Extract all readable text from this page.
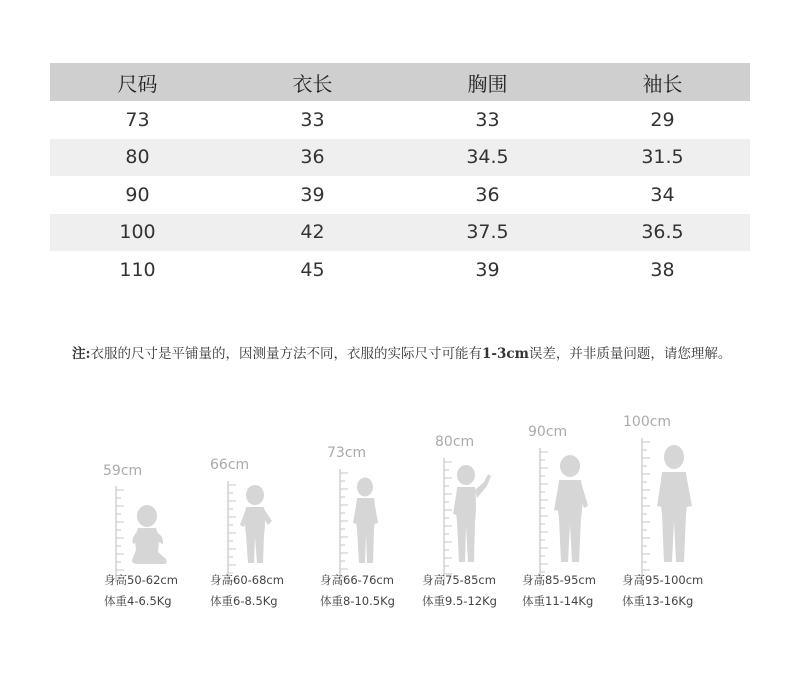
尺码	衣长	胸围	袖长
73	33	33	29
80	36	34.5	31.5
90	39	36	34
100	42	37.5	36.5
110	45	39	38
注:衣服的尺寸是平铺量的，因测量方法不同，衣服的实际尺寸可能有1-3cm误差，并非质量问题，请您理解。
59cm
身高50-62cm
体重4-6.5Kg
66cm
身高60-68cm
体重6-8.5Kg
73cm
身高66-76cm
体重8-10.5Kg
80cm
身高75-85cm
体重9.5-12Kg
90cm
身高85-95cm
体重11-14Kg
100cm
身高95-100cm
体重13-16Kg
